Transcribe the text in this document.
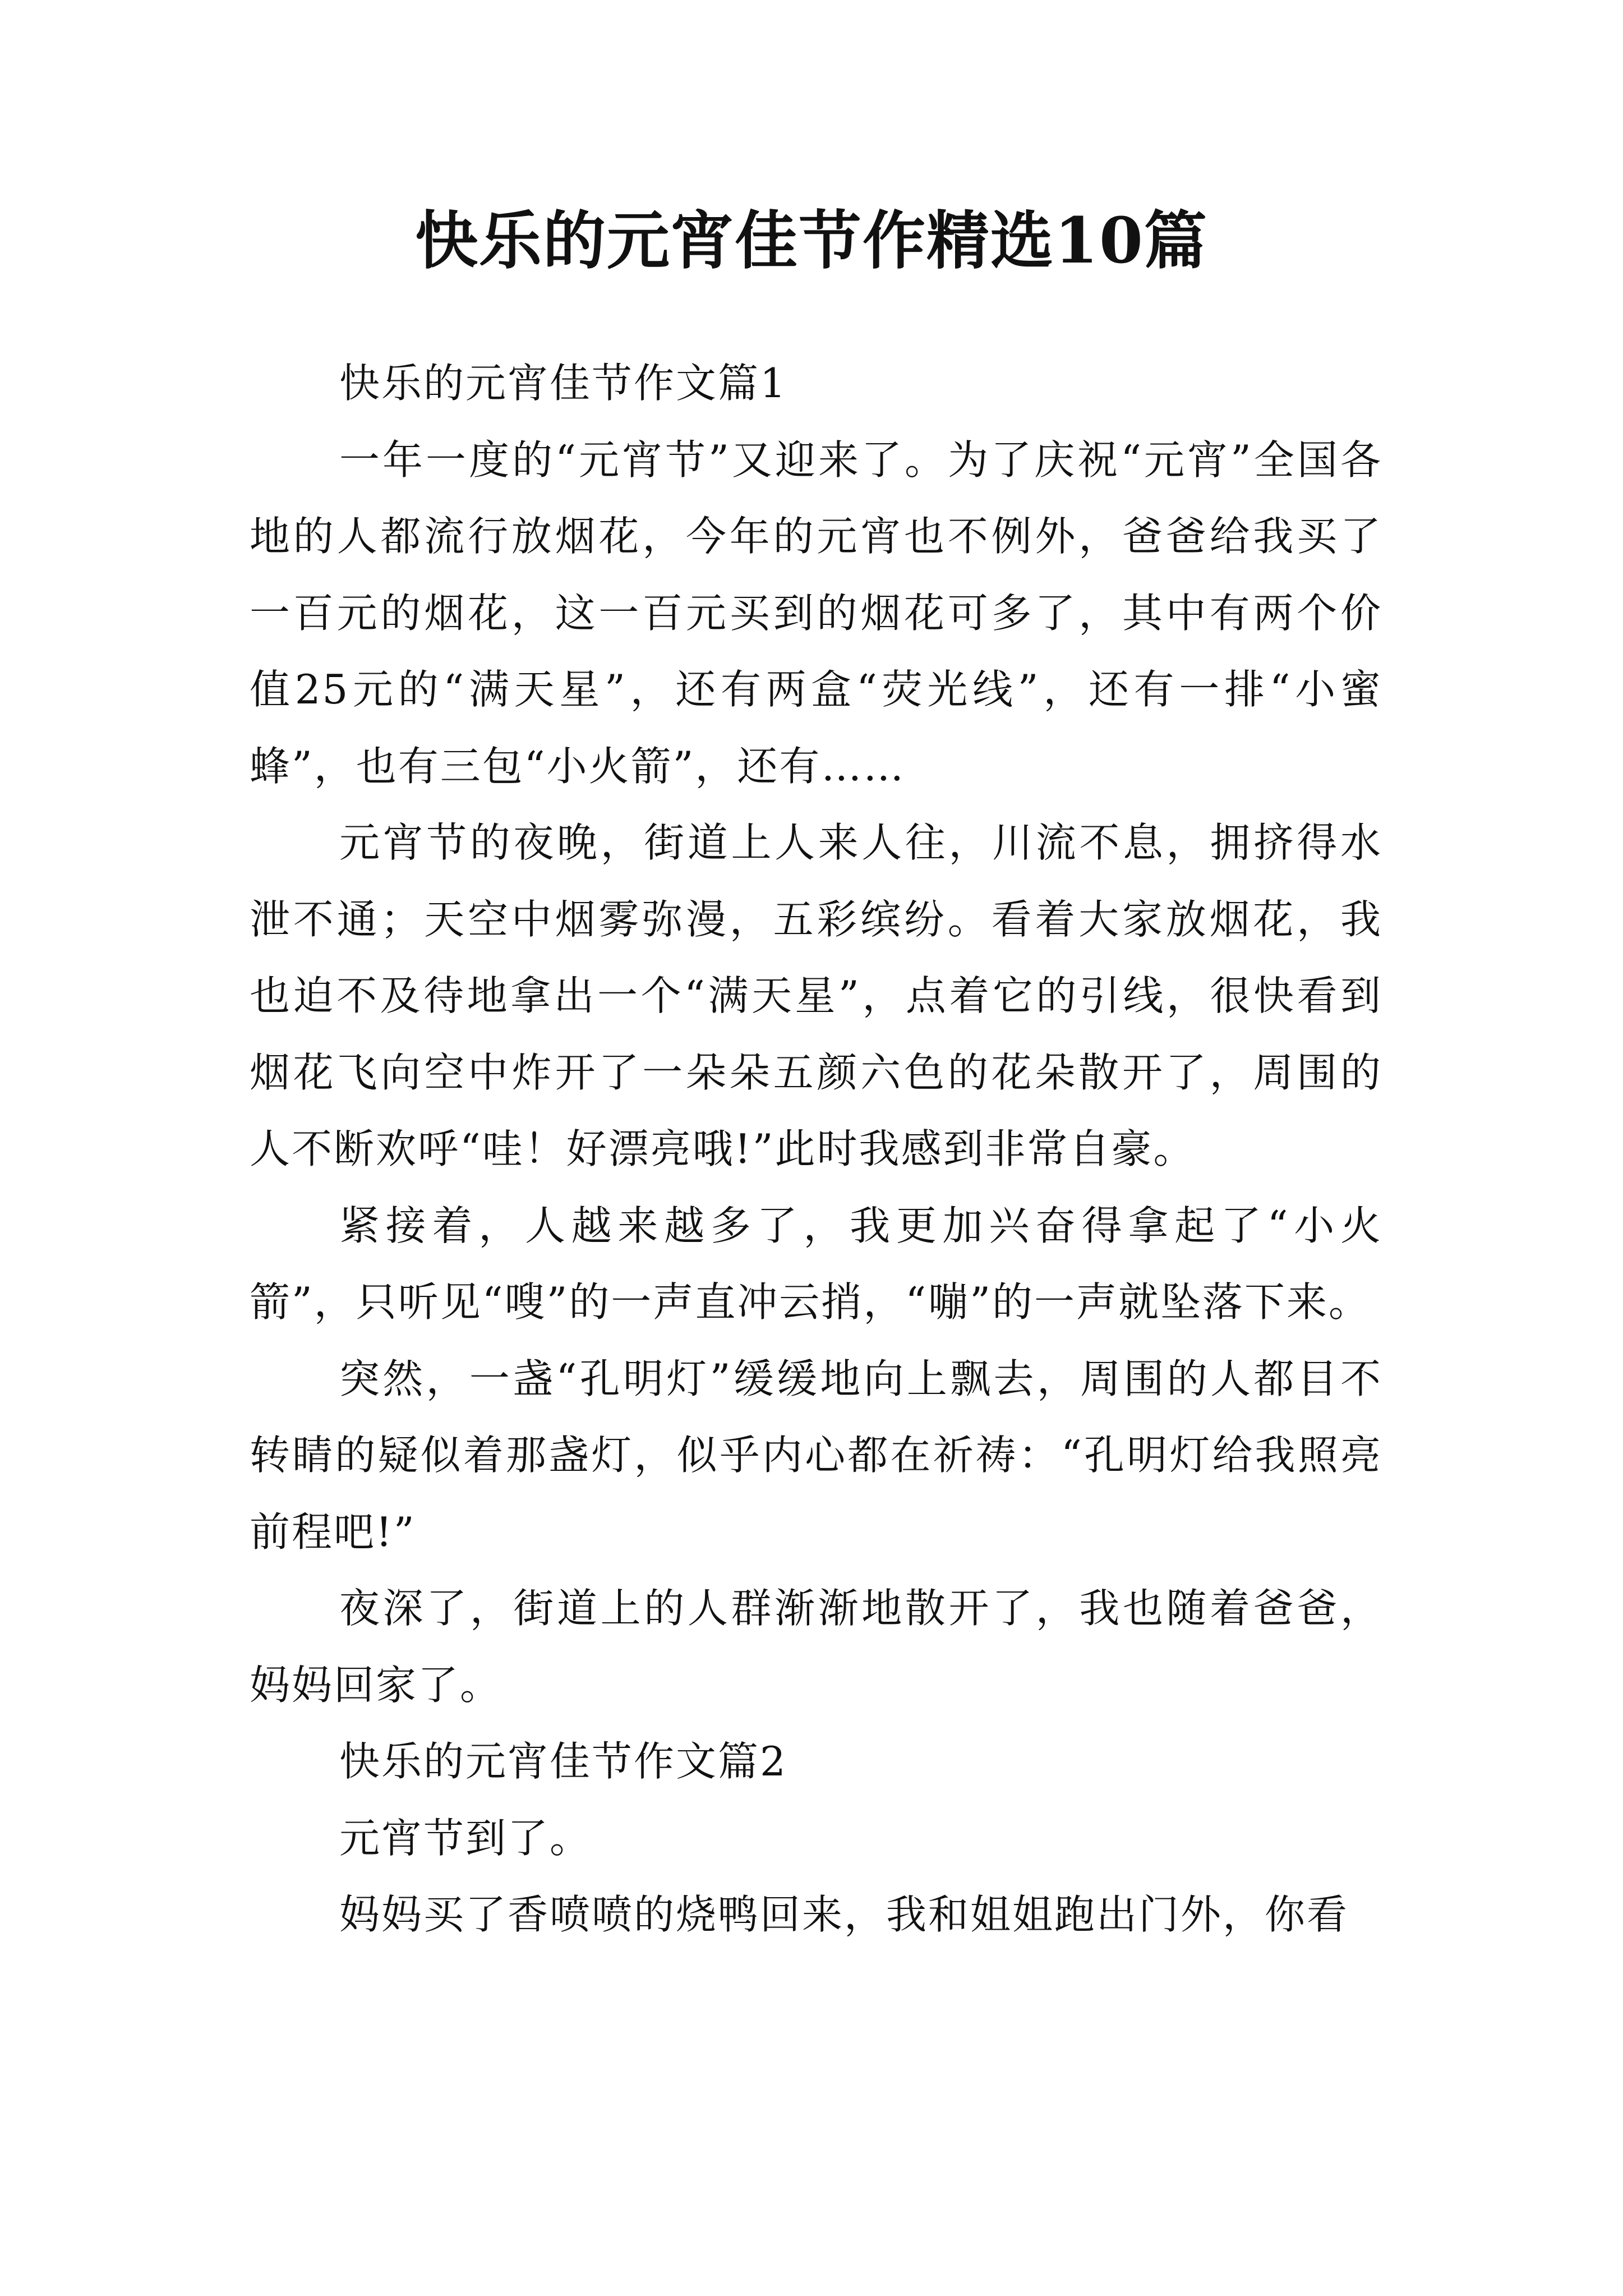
快乐的元宵佳节作精选10篇

快乐的元宵佳节作文篇1

一年一度的“元宵节”又迎来了。为了庆祝“元宵”全国各地的人都流行放烟花，今年的元宵也不例外，爸爸给我买了一百元的烟花，这一百元买到的烟花可多了，其中有两个价值25元的“满天星”，还有两盒“荧光线”，还有一排“小蜜蜂”，也有三包“小火箭”，还有……

元宵节的夜晚，街道上人来人往，川流不息，拥挤得水泄不通；天空中烟雾弥漫，五彩缤纷。看着大家放烟花，我也迫不及待地拿出一个“满天星”，点着它的引线，很快看到烟花飞向空中炸开了一朵朵五颜六色的花朵散开了，周围的人不断欢呼“哇！好漂亮哦!”此时我感到非常自豪。

紧接着，人越来越多了，我更加兴奋得拿起了“小火箭”，只听见“嗖”的一声直冲云捎，“嘣”的一声就坠落下来。

突然，一盏“孔明灯”缓缓地向上飘去，周围的人都目不转睛的疑似着那盏灯，似乎内心都在祈祷：“孔明灯给我照亮前程吧!”

夜深了，街道上的人群渐渐地散开了，我也随着爸爸，妈妈回家了。

快乐的元宵佳节作文篇2

元宵节到了。

妈妈买了香喷喷的烧鸭回来，我和姐姐跑出门外，你看
